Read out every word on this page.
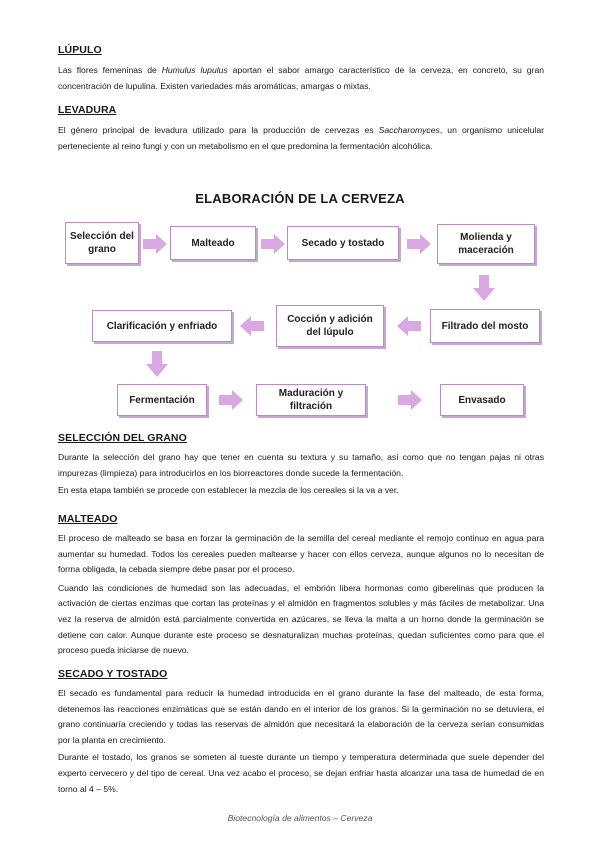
LÚPULO

Las flores femeninas de Humulus lupulus aportan el sabor amargo característico de la cerveza, en concreto, su gran concentración de lupulina. Existen variedades más aromáticas, amargas o mixtas.

LEVADURA

El género principal de levadura utilizado para la producción de cervezas es Saccharomyces, un organismo unicelular perteneciente al reino fungi y con un metabolismo en el que predomina la fermentación alcohólica.

ELABORACIÓN DE LA CERVEZA
Selección del grano
Malteado	Secado y tostado	Molienda y maceración
Filtrado del mosto
Cocción y adición del lúpulo
Clarificación y enfriado
Fermentación
Maduración y filtración
Envasado
SELECCIÓN DEL GRANO

Durante la selección del grano hay que tener en cuenta su textura y su tamaño, así como que no tengan pajas ni otras impurezas (limpieza) para introducirlos en los biorreactores donde sucede la fermentación.

En esta etapa también se procede con establecer la mezcla de los cereales si la va a ver.

MALTEADO

El proceso de malteado se basa en forzar la germinación de la semilla del cereal mediante el remojo continuo en agua para aumentar su humedad. Todos los cereales pueden maltearse y hacer con ellos cerveza, aunque algunos no lo necesitan de forma obligada, la cebada siempre debe pasar por el proceso.

Cuando las condiciones de humedad son las adecuadas, el embrión libera hormonas como giberelinas que producen la activación de ciertas enzimas que cortan las proteínas y el almidón en fragmentos solubles y más fáciles de metabolizar. Una vez la reserva de almidón está parcialmente convertida en azúcares, se lleva la malta a un horno donde la germinación se detiene con calor. Aunque durante este proceso se desnaturalizan muchas proteínas, quedan suficientes como para que el proceso pueda iniciarse de nuevo.

SECADO Y TOSTADO

El secado es fundamental para reducir la humedad introducida en el grano durante la fase del malteado, de esta forma, detenemos las reacciones enzimáticas que se están dando en el interior de los granos. Si la germinación no se detuviera, el grano continuaría creciendo y todas las reservas de almidón que necesitará la elaboración de la cerveza serían consumidas por la planta en crecimiento.

Durante el tostado, los granos se someten al tueste durante un tiempo y temperatura determinada que suele depender del experto cervecero y del tipo de cereal. Una vez acabo el proceso, se dejan enfriar hasta alcanzar una tasa de humedad de en torno al 4 – 5%.

Biotecnología de alimentos – Cerveza
